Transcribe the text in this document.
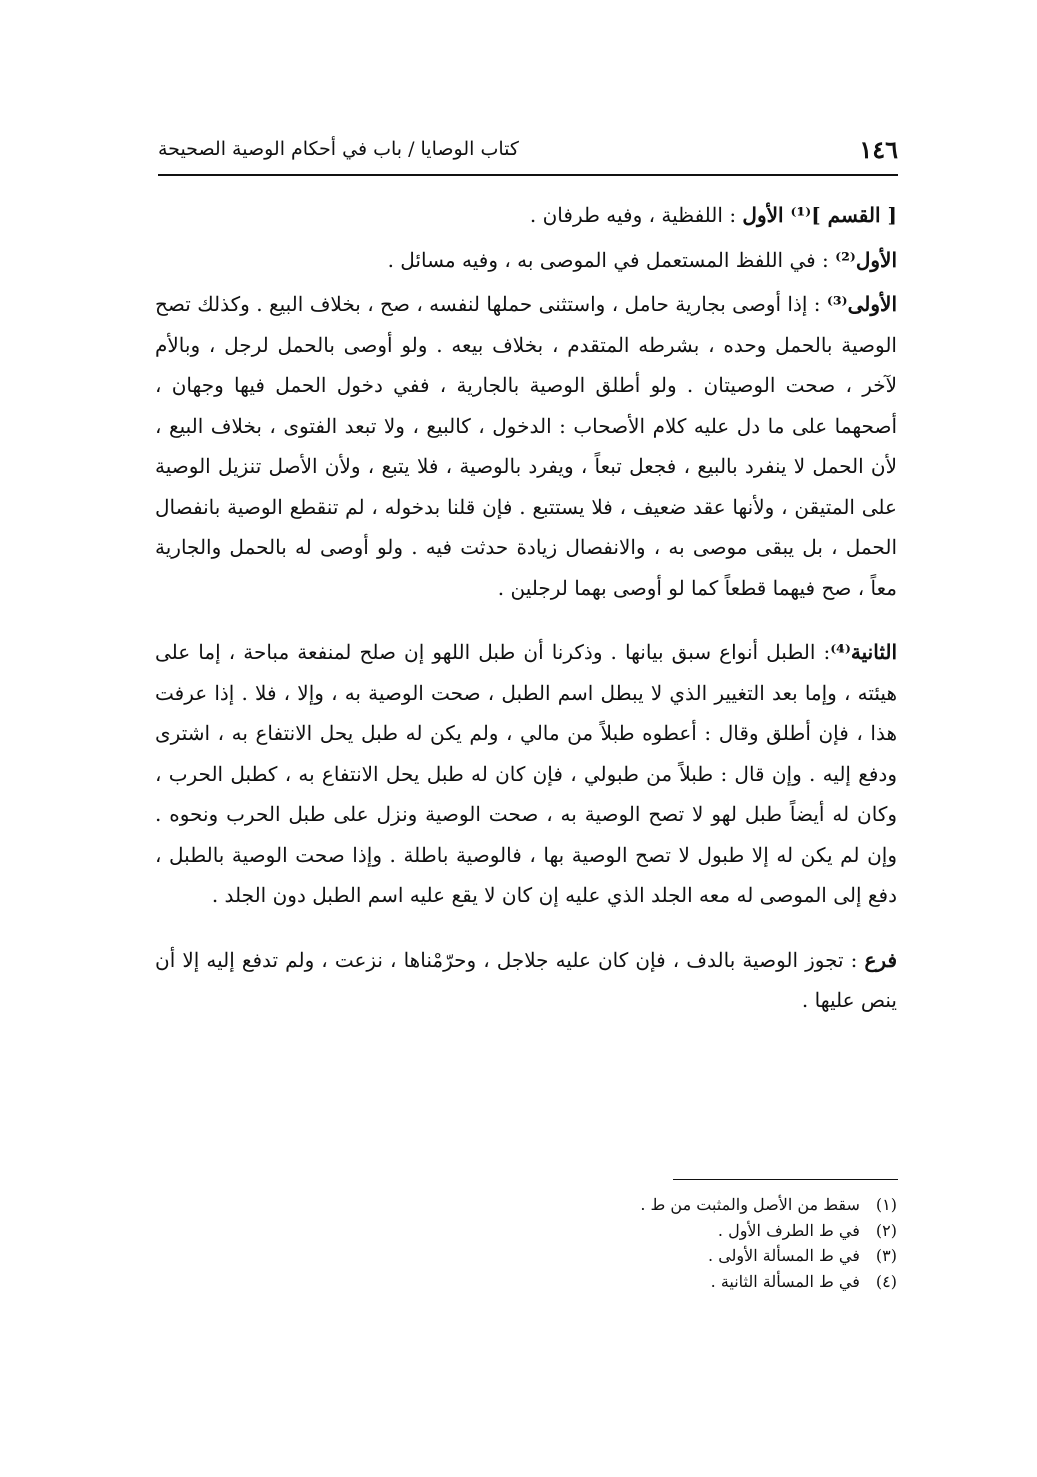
١٤٦
كتاب الوصايا / باب في أحكام الوصية الصحيحة

[ القسم ]⁽¹⁾ الأول : اللفظية ، وفيه طرفان .

الأول⁽²⁾ : في اللفظ المستعمل في الموصى به ، وفيه مسائل .

الأولى⁽³⁾ : إذا أوصى بجارية حامل ، واستثنى حملها لنفسه ، صح ، بخلاف البيع . وكذلك تصح الوصية بالحمل وحده ، بشرطه المتقدم ، بخلاف بيعه . ولو أوصى بالحمل لرجل ، وبالأم لآخر ، صحت الوصيتان . ولو أطلق الوصية بالجارية ، ففي دخول الحمل فيها وجهان ، أصحهما على ما دل عليه كلام الأصحاب : الدخول ، كالبيع ، ولا تبعد الفتوى ، بخلاف البيع ، لأن الحمل لا ينفرد بالبيع ، فجعل تبعاً ، ويفرد بالوصية ، فلا يتبع ، ولأن الأصل تنزيل الوصية على المتيقن ، ولأنها عقد ضعيف ، فلا يستتبع . فإن قلنا بدخوله ، لم تنقطع الوصية بانفصال الحمل ، بل يبقى موصى به ، والانفصال زيادة حدثت فيه . ولو أوصى له بالحمل والجارية معاً ، صح فيهما قطعاً كما لو أوصى بهما لرجلين .

الثانية⁽⁴⁾: الطبل أنواع سبق بيانها . وذكرنا أن طبل اللهو إن صلح لمنفعة مباحة ، إما على هيئته ، وإما بعد التغيير الذي لا يبطل اسم الطبل ، صحت الوصية به ، وإلا ، فلا . إذا عرفت هذا ، فإن أطلق وقال : أعطوه طبلاً من مالي ، ولم يكن له طبل يحل الانتفاع به ، اشترى ودفع إليه . وإن قال : طبلاً من طبولي ، فإن كان له طبل يحل الانتفاع به ، كطبل الحرب ، وكان له أيضاً طبل لهو لا تصح الوصية به ، صحت الوصية ونزل على طبل الحرب ونحوه . وإن لم يكن له إلا طبول لا تصح الوصية بها ، فالوصية باطلة . وإذا صحت الوصية بالطبل ، دفع إلى الموصى له معه الجلد الذي عليه إن كان لا يقع عليه اسم الطبل دون الجلد .

فرع : تجوز الوصية بالدف ، فإن كان عليه جلاجل ، وحرّمْناها ، نزعت ، ولم تدفع إليه إلا أن ينص عليها .

(١) سقط من الأصل والمثبت من ط .
(٢) في ط الطرف الأول .
(٣) في ط المسألة الأولى .
(٤) في ط المسألة الثانية .
